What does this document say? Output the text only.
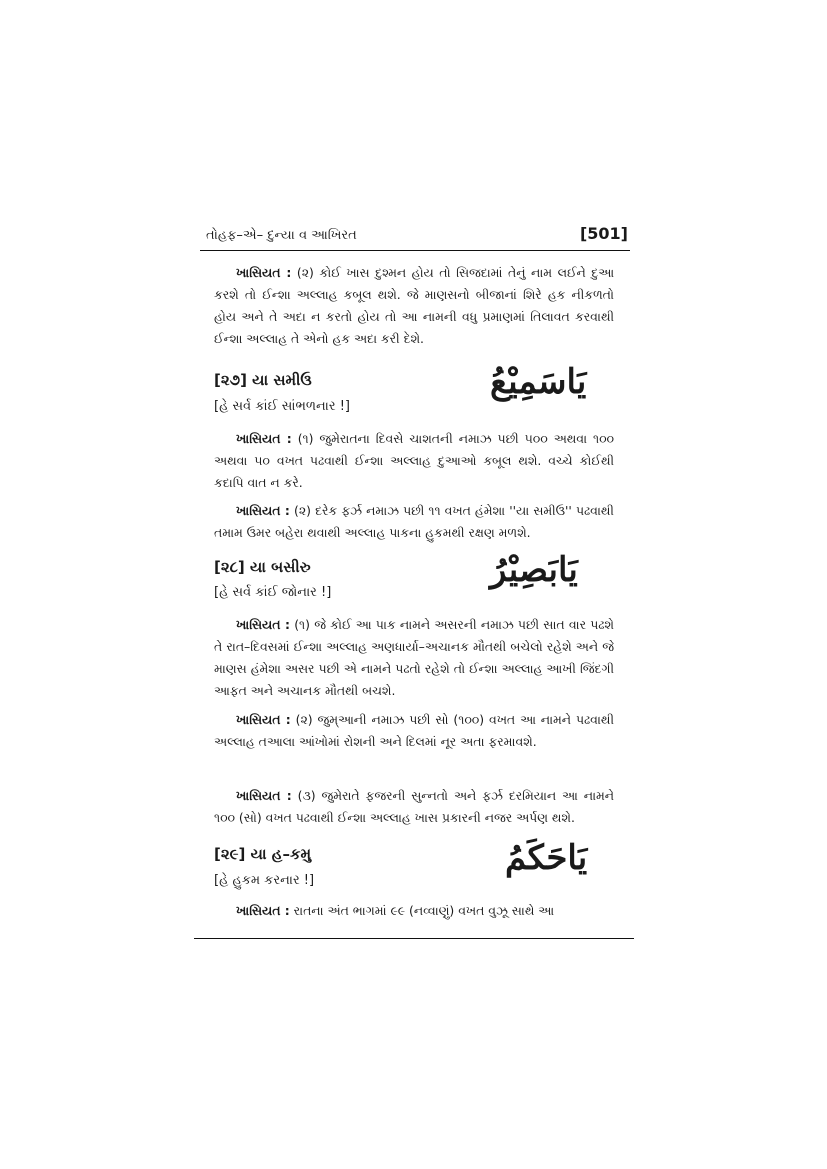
તોહફ–એ– દુન્યા વ આખિરત	[501]

ખાસિયત : (૨) કોઈ ખાસ દુશ્મન હોય તો સિજદામાં તેનું નામ લઈને દુઆ કરશે તો ઈન્શા અલ્લાહ કબૂલ થશે. જે માણસનો બીજાનાં શિરે હક નીકળતો હોય અને તે અદા ન કરતો હોય તો આ નામની વધુ પ્રમાણમાં તિલાવત કરવાથી ઈન્શા અલ્લાહ તે એનો હક અદા કરી દેશે.

[૨૭] યા સમીઉ
[હે સર્વ કાંઈ સાંભળનાર !]
يَاسَمِيْعُ

ખાસિયત : (૧) જુમેરાતના દિવસે ચાશતની નમાઝ પછી ૫૦૦ અથવા ૧૦૦ અથવા ૫૦ વખત પઢવાથી ઈન્શા અલ્લાહ દુઆઓ કબૂલ થશે. વચ્ચે કોઈથી કદાપિ વાત ન કરે.

ખાસિયત : (૨) દરેક ફર્ઝ નમાઝ પછી ૧૧ વખત હંમેશા ''યા સમીઉ'' પઢવાથી તમામ ઉમર બહેરા થવાથી અલ્લાહ પાકના હુકમથી રક્ષણ મળશે.

[૨૮] યા બસીરુ
[હે સર્વ કાંઈ જોનાર !]
يَابَصِيْرُ

ખાસિયત : (૧) જે કોઈ આ પાક નામને અસરની નમાઝ પછી સાત વાર પઢશે તે રાત–દિવસમાં ઈન્શા અલ્લાહ અણધાર્યા–અચાનક મૌતથી બચેલો રહેશે અને જે માણસ હંમેશા અસર પછી એ નામને પઢતો રહેશે તો ઈન્શા અલ્લાહ આખી જિંદગી આફત અને અચાનક મૌતથી બચશે.

ખાસિયત : (૨) જુમ્આની નમાઝ પછી સો (૧૦૦) વખત આ નામને પઢવાથી અલ્લાહ તઆલા આંખોમાં રોશની અને દિલમાં નૂર અતા ફરમાવશે.

ખાસિયત : (૩) જુમેરાતે ફજરની સુન્નતો અને ફર્ઝ દરમિયાન આ નામને ૧૦૦ (સો) વખત પઢવાથી ઈન્શા અલ્લાહ ખાસ પ્રકારની નજર અર્પણ થશે.

[૨૯] યા હ–કમુ
[હે હુકમ કરનાર !]
يَاحَكَمُ

ખાસિયત : રાતના અંત ભાગમાં ૯૯ (નવ્વાણું) વખત વુઝૂ સાથે આ
